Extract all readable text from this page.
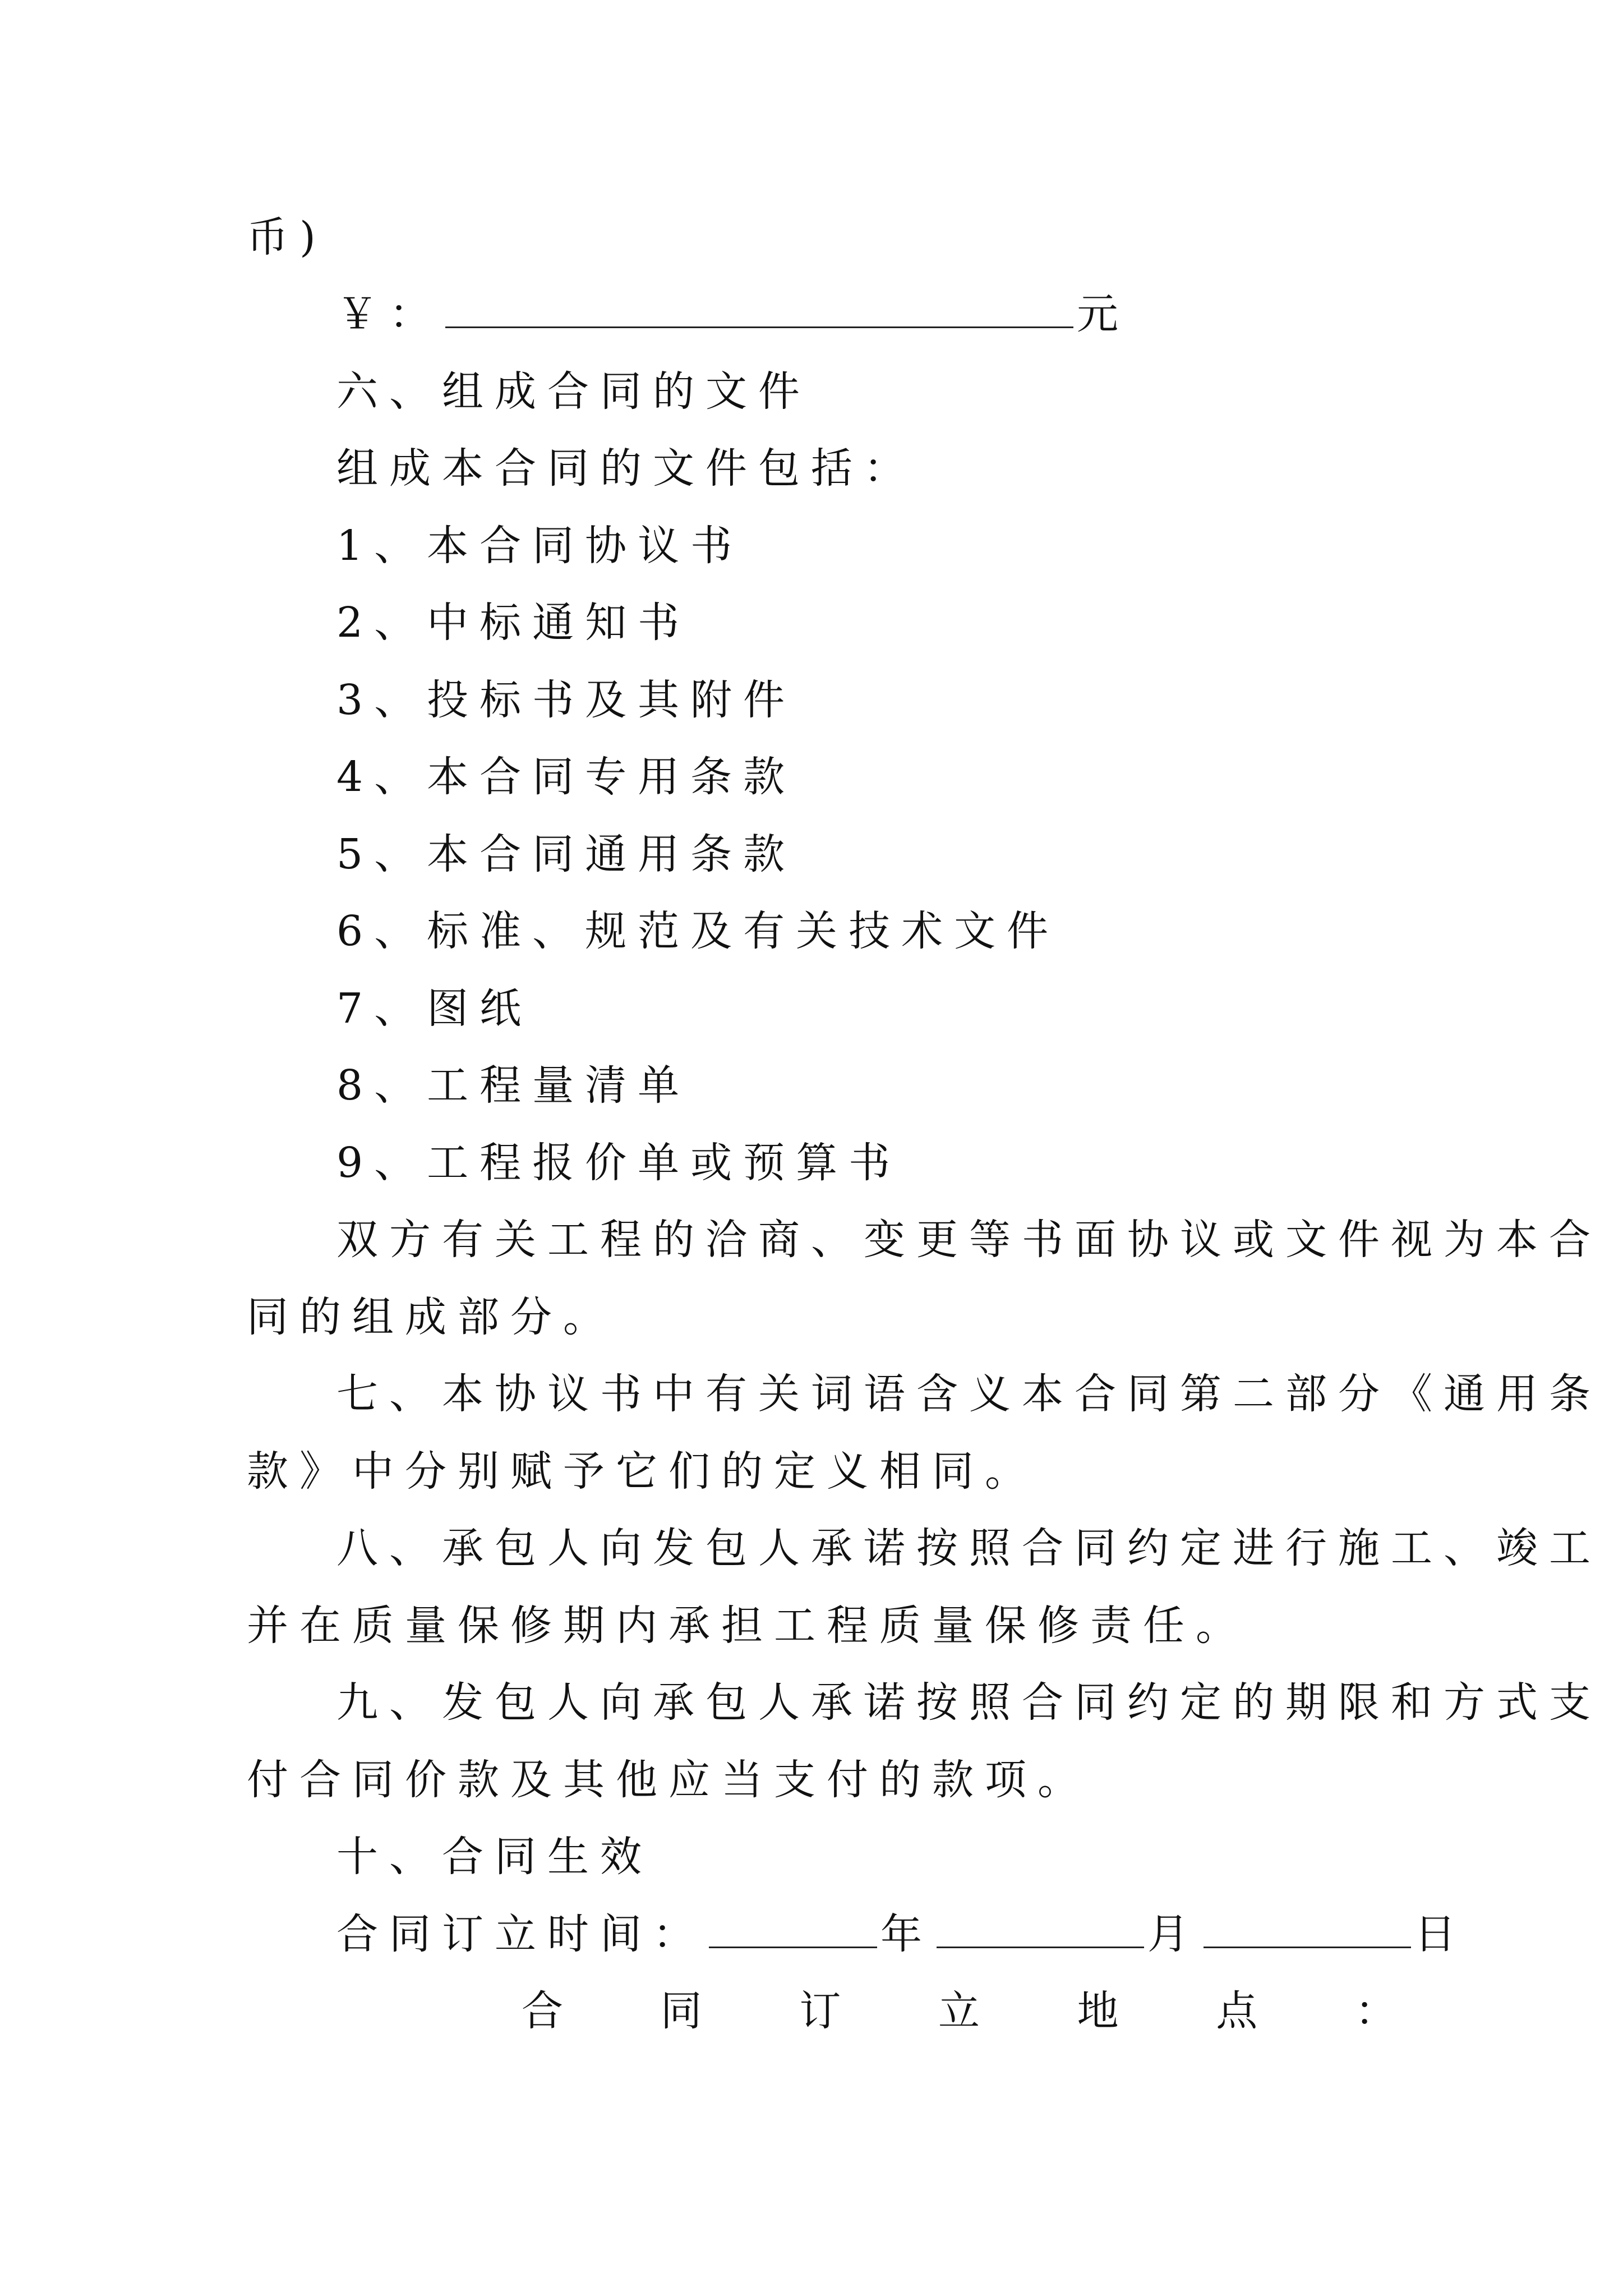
币)
￥：	元
六、组成合同的文件
组成本合同的文件包括：
1、本合同协议书
2、中标通知书
3、投标书及其附件
4、本合同专用条款
5、本合同通用条款
6、标准、规范及有关技术文件
7、图纸
8、工程量清单
9、工程报价单或预算书
双方有关工程的洽商、变更等书面协议或文件视为本合
同的组成部分。
七、本协议书中有关词语含义本合同第二部分《通用条
款》中分别赋予它们的定义相同。
八、承包人向发包人承诺按照合同约定进行施工、竣工
并在质量保修期内承担工程质量保修责任。
九、发包人向承包人承诺按照合同约定的期限和方式支
付合同价款及其他应当支付的款项。
十、合同生效
合同订立时间：	年	月	日
合 同 订 立 地 点 ：
